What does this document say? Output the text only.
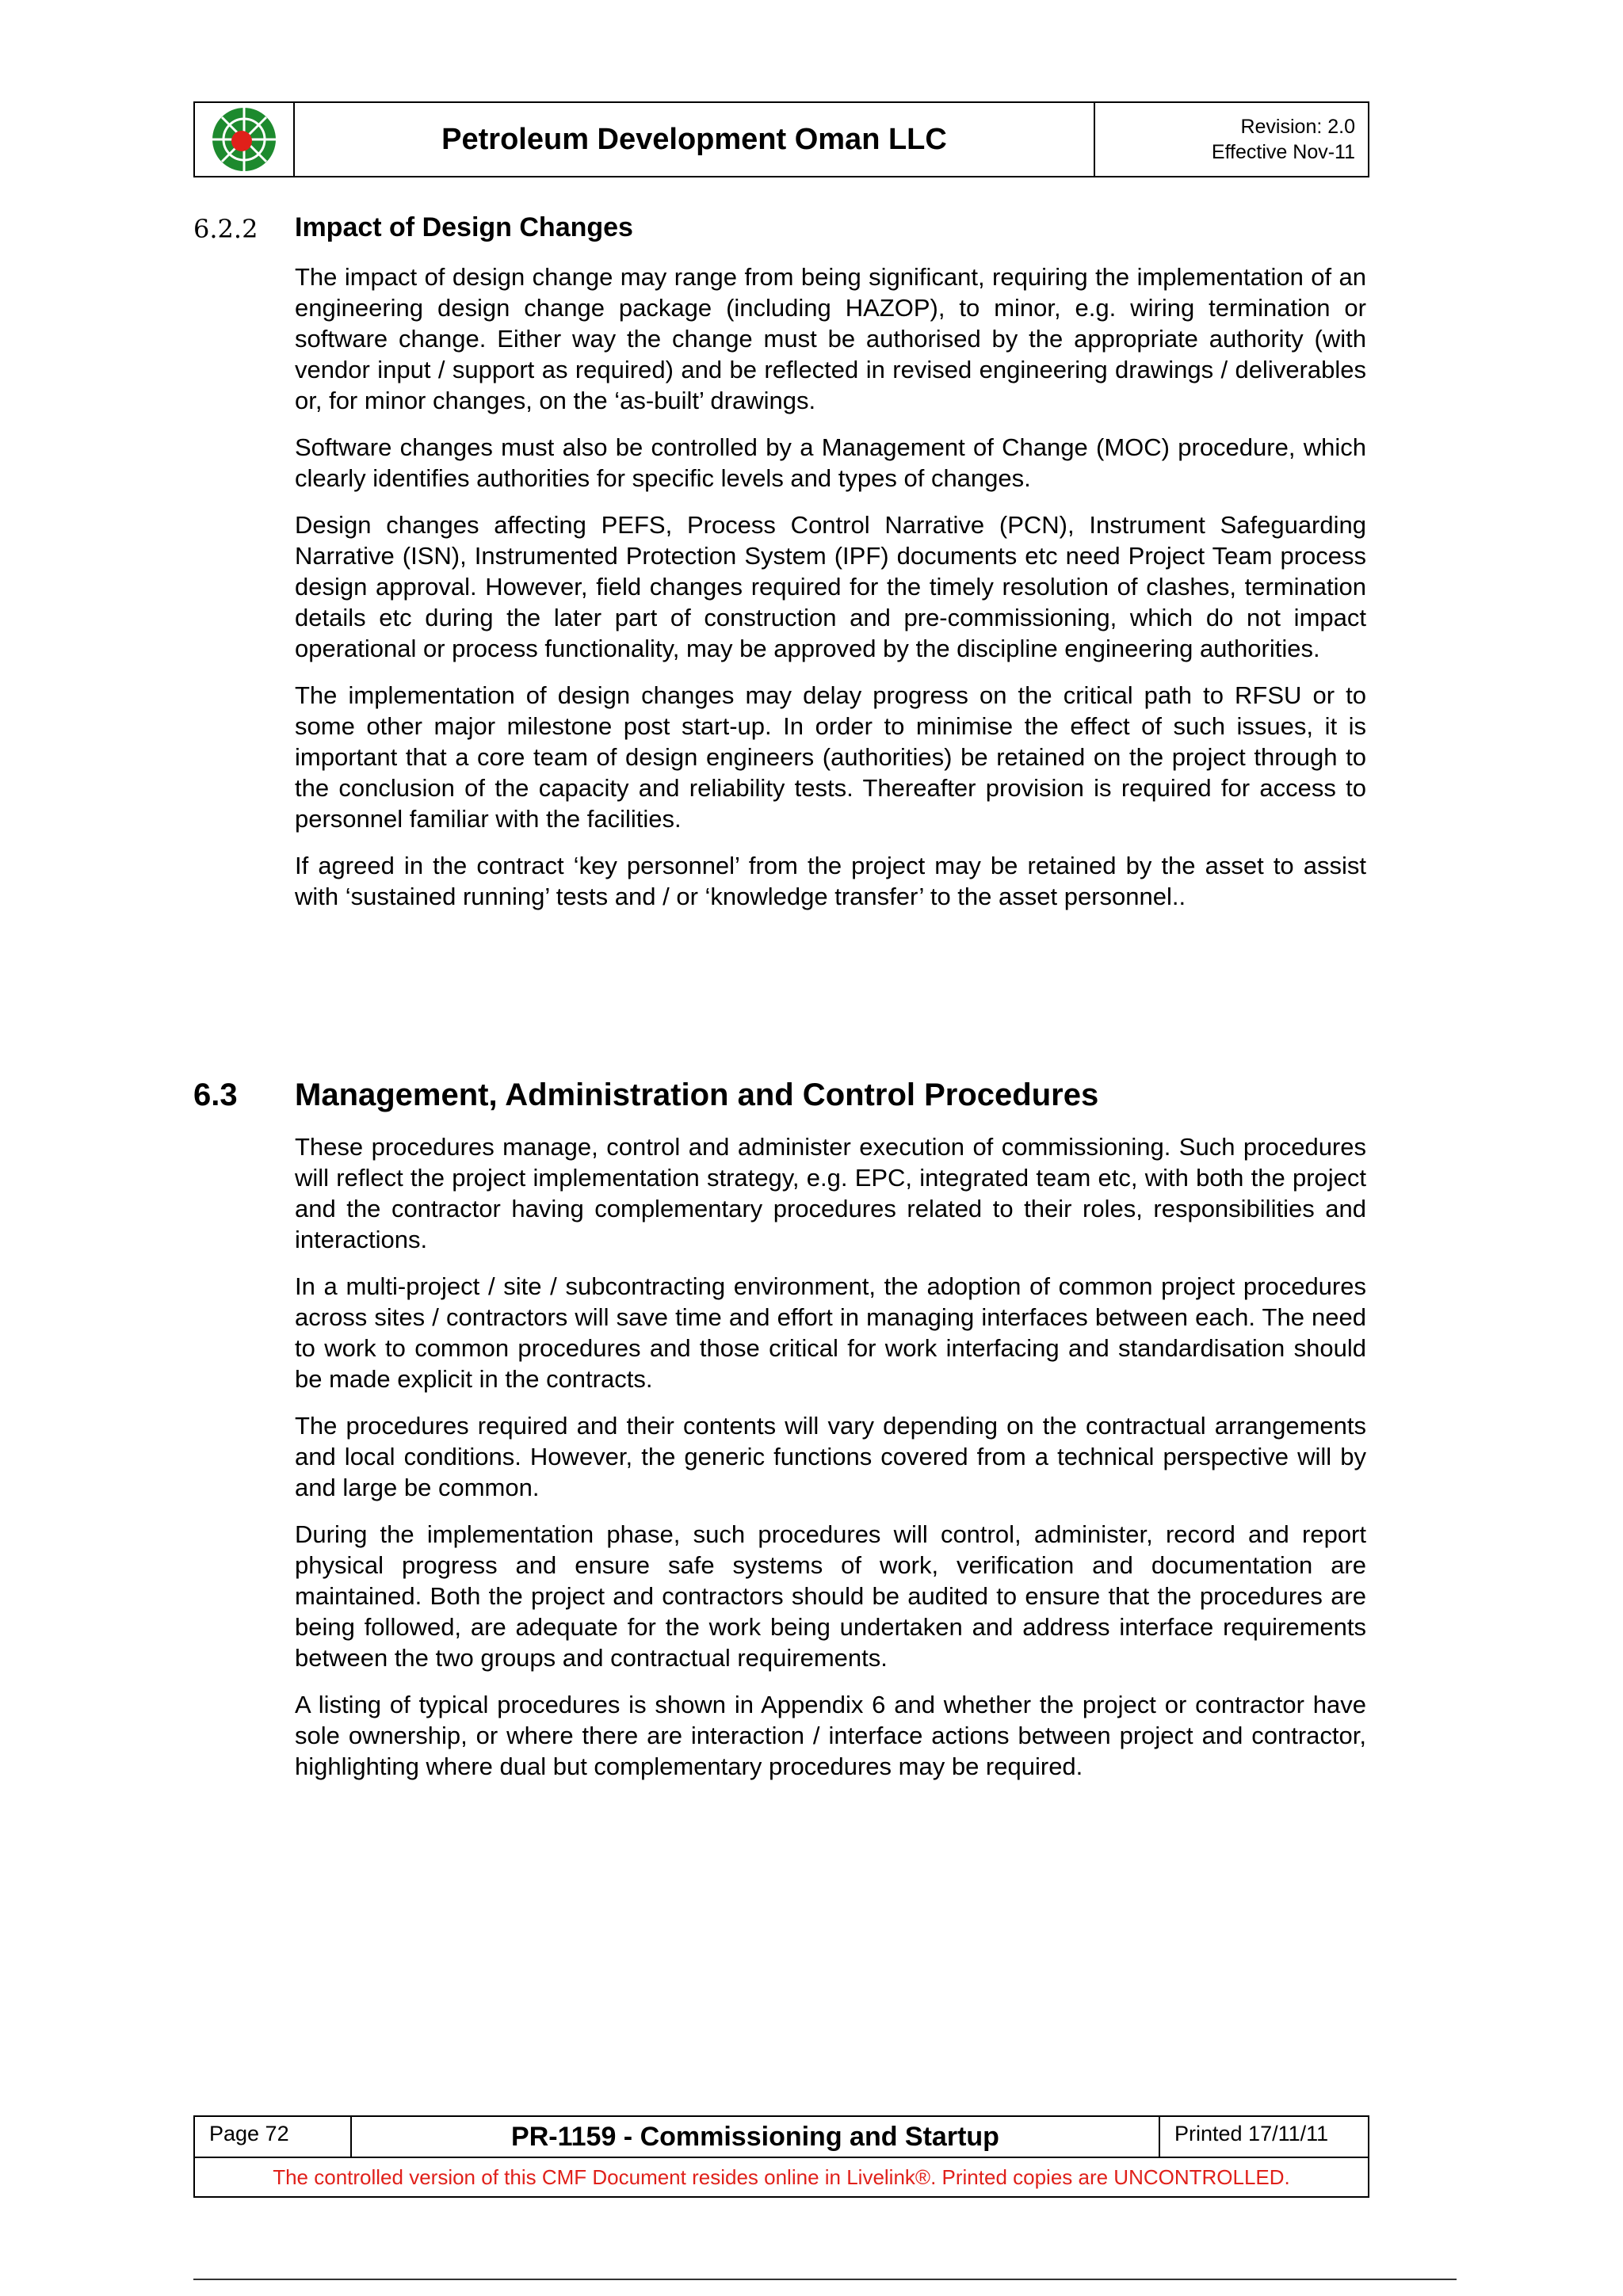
Petroleum Development Oman LLC	Revision: 2.0
Effective Nov-11
6.2.2 Impact of Design Changes

The impact of design change may range from being significant, requiring the implementation of an engineering design change package (including HAZOP), to minor, e.g. wiring termination or software change. Either way the change must be authorised by the appropriate authority (with vendor input / support as required) and be reflected in revised engineering drawings / deliverables or, for minor changes, on the ‘as-built’ drawings.

Software changes must also be controlled by a Management of Change (MOC) procedure, which clearly identifies authorities for specific levels and types of changes.

Design changes affecting PEFS, Process Control Narrative (PCN), Instrument Safeguarding Narrative (ISN), Instrumented Protection System (IPF) documents etc need Project Team process design approval. However, field changes required for the timely resolution of clashes, termination details etc during the later part of construction and pre-commissioning, which do not impact operational or process functionality, may be approved by the discipline engineering authorities.

The implementation of design changes may delay progress on the critical path to RFSU or to some other major milestone post start-up. In order to minimise the effect of such issues, it is important that a core team of design engineers (authorities) be retained on the project through to the conclusion of the capacity and reliability tests. Thereafter provision is required for access to personnel familiar with the facilities.

If agreed in the contract ‘key personnel’ from the project may be retained by the asset to assist with ‘sustained running’ tests and / or ‘knowledge transfer’ to the asset personnel..

6.3 Management, Administration and Control Procedures

These procedures manage, control and administer execution of commissioning. Such procedures will reflect the project implementation strategy, e.g. EPC, integrated team etc, with both the project and the contractor having complementary procedures related to their roles, responsibilities and interactions.

In a multi-project / site / subcontracting environment, the adoption of common project procedures across sites / contractors will save time and effort in managing interfaces between each. The need to work to common procedures and those critical for work interfacing and standardisation should be made explicit in the contracts.

The procedures required and their contents will vary depending on the contractual arrangements and local conditions. However, the generic functions covered from a technical perspective will by and large be common.

During the implementation phase, such procedures will control, administer, record and report physical progress and ensure safe systems of work, verification and documentation are maintained. Both the project and contractors should be audited to ensure that the procedures are being followed, are adequate for the work being undertaken and address interface requirements between the two groups and contractual requirements.

A listing of typical procedures is shown in Appendix 6 and whether the project or contractor have sole ownership, or where there are interaction / interface actions between project and contractor, highlighting where dual but complementary procedures may be required.

Page 72	PR-1159 - Commissioning and Startup	Printed 17/11/11
The controlled version of this CMF Document resides online in Livelink®. Printed copies are UNCONTROLLED.
